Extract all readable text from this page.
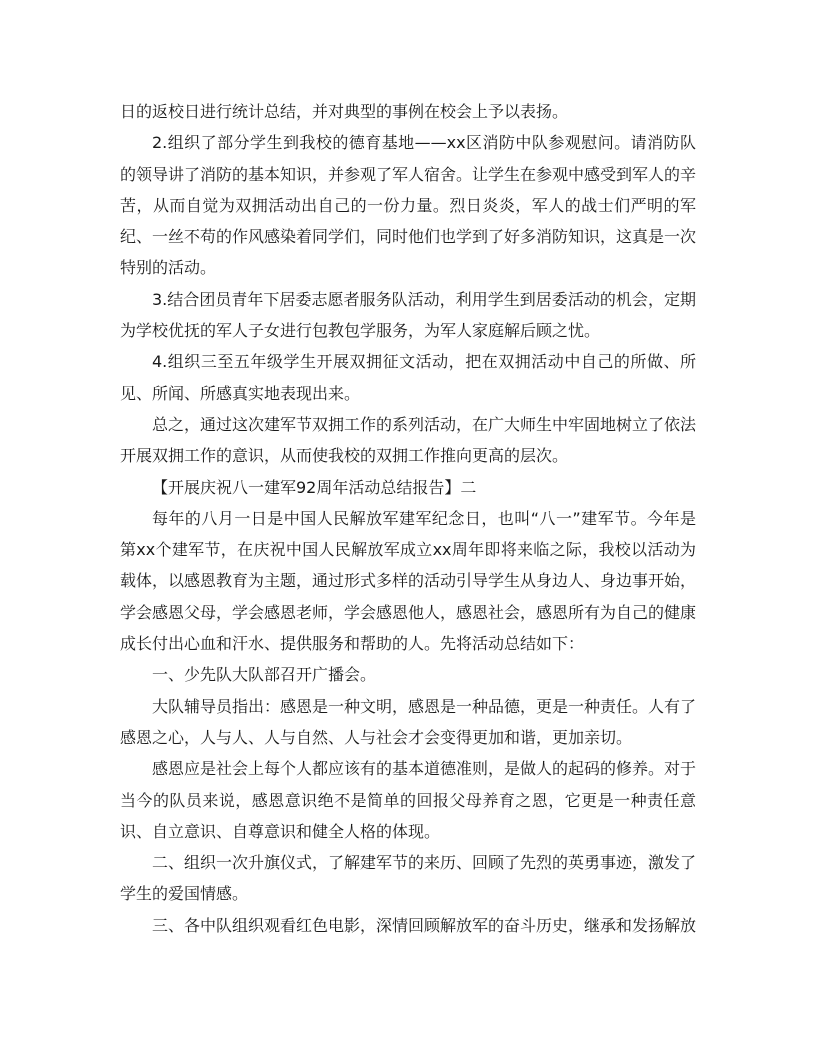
日的返校日进行统计总结，并对典型的事例在校会上予以表扬。

2.组织了部分学生到我校的德育基地——xx区消防中队参观慰问。请消防队的领导讲了消防的基本知识，并参观了军人宿舍。让学生在参观中感受到军人的辛苦，从而自觉为双拥活动出自己的一份力量。烈日炎炎，军人的战士们严明的军纪、一丝不苟的作风感染着同学们，同时他们也学到了好多消防知识，这真是一次特别的活动。

3.结合团员青年下居委志愿者服务队活动，利用学生到居委活动的机会，定期为学校优抚的军人子女进行包教包学服务，为军人家庭解后顾之忧。

4.组织三至五年级学生开展双拥征文活动，把在双拥活动中自己的所做、所见、所闻、所感真实地表现出来。

总之，通过这次建军节双拥工作的系列活动，在广大师生中牢固地树立了依法开展双拥工作的意识，从而使我校的双拥工作推向更高的层次。

【开展庆祝八一建军92周年活动总结报告】二

每年的八月一日是中国人民解放军建军纪念日，也叫“八一”建军节。今年是第xx个建军节，在庆祝中国人民解放军成立xx周年即将来临之际，我校以活动为载体，以感恩教育为主题，通过形式多样的活动引导学生从身边人、身边事开始，学会感恩父母，学会感恩老师，学会感恩他人，感恩社会，感恩所有为自己的健康成长付出心血和汗水、提供服务和帮助的人。先将活动总结如下：

一、少先队大队部召开广播会。

大队辅导员指出：感恩是一种文明，感恩是一种品德，更是一种责任。人有了感恩之心，人与人、人与自然、人与社会才会变得更加和谐，更加亲切。

感恩应是社会上每个人都应该有的基本道德准则，是做人的起码的修养。对于当今的队员来说，感恩意识绝不是简单的回报父母养育之恩，它更是一种责任意识、自立意识、自尊意识和健全人格的体现。

二、组织一次升旗仪式，了解建军节的来历、回顾了先烈的英勇事迹，激发了学生的爱国情感。

三、各中队组织观看红色电影，深情回顾解放军的奋斗历史，继承和发扬解放
